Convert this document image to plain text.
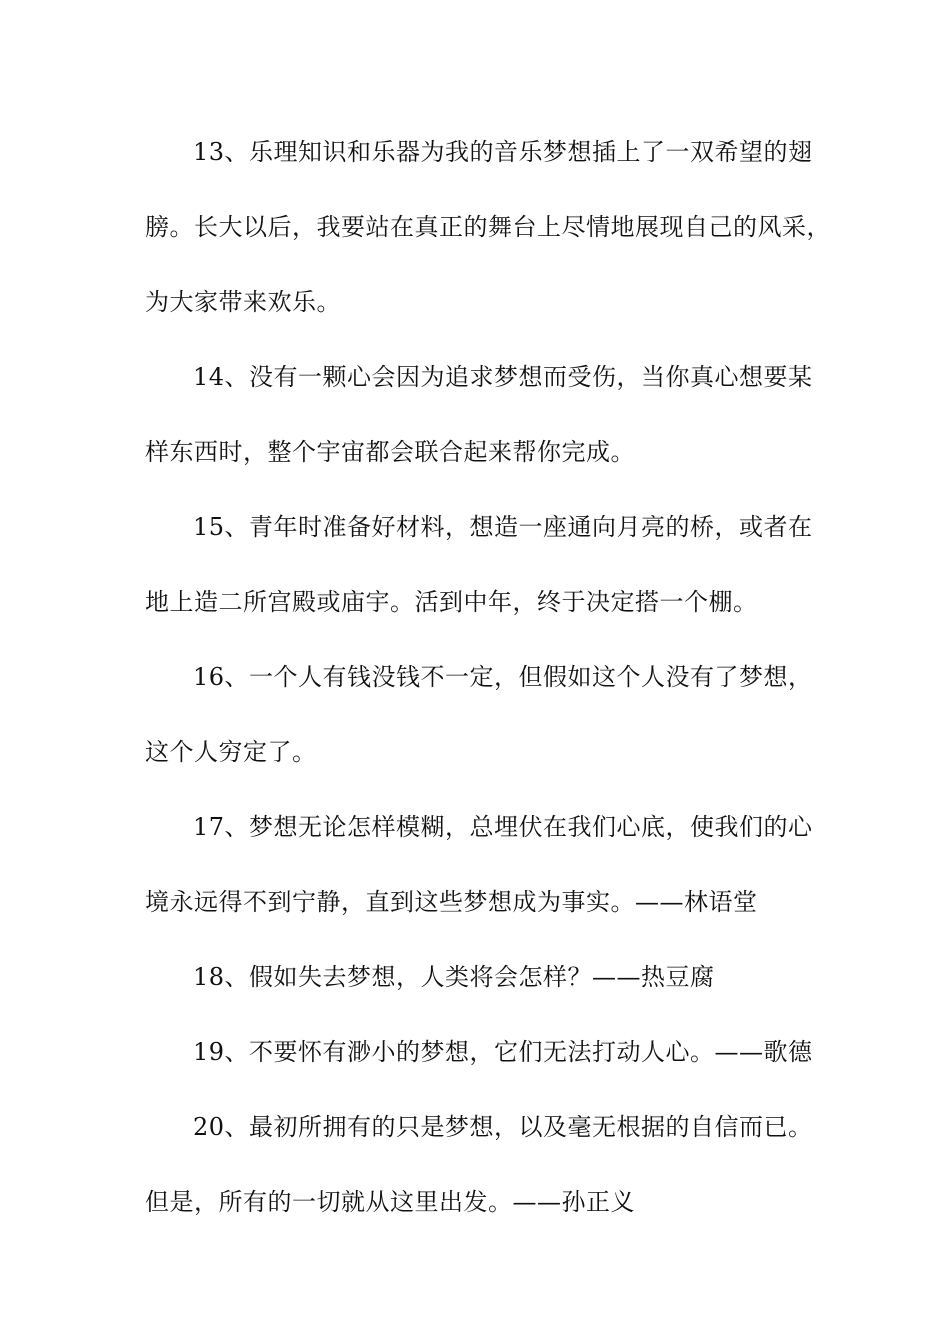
13、乐理知识和乐器为我的音乐梦想插上了一双希望的翅
膀。长大以后，我要站在真正的舞台上尽情地展现自己的风采，
为大家带来欢乐。
14、没有一颗心会因为追求梦想而受伤，当你真心想要某
样东西时，整个宇宙都会联合起来帮你完成。
15、青年时准备好材料，想造一座通向月亮的桥，或者在
地上造二所宫殿或庙宇。活到中年，终于决定搭一个棚。
16、一个人有钱没钱不一定，但假如这个人没有了梦想，
这个人穷定了。
17、梦想无论怎样模糊，总埋伏在我们心底，使我们的心
境永远得不到宁静，直到这些梦想成为事实。——林语堂
18、假如失去梦想，人类将会怎样？——热豆腐
19、不要怀有渺小的梦想，它们无法打动人心。——歌德
20、最初所拥有的只是梦想，以及毫无根据的自信而已。
但是，所有的一切就从这里出发。——孙正义
